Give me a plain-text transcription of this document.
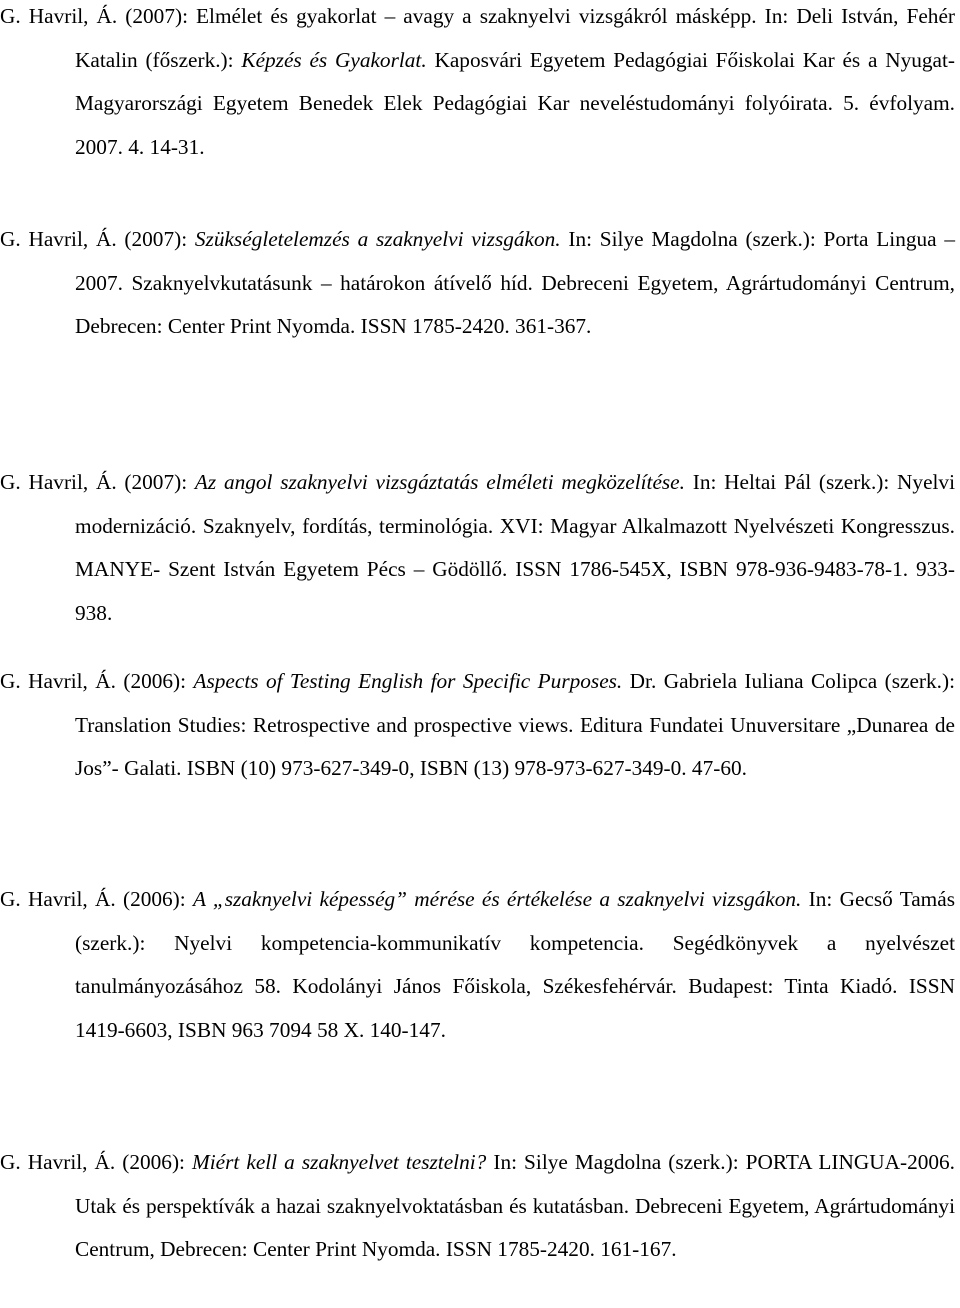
G. Havril, Á. (2007): Elmélet és gyakorlat – avagy a szaknyelvi vizsgákról másképp. In: Deli István, Fehér Katalin (főszerk.): Képzés és Gyakorlat. Kaposvári Egyetem Pedagógiai Főiskolai Kar és a Nyugat-Magyarországi Egyetem Benedek Elek Pedagógiai Kar neveléstudományi folyóirata. 5. évfolyam. 2007. 4. 14-31.

G. Havril, Á. (2007): Szükségletelemzés a szaknyelvi vizsgákon. In: Silye Magdolna (szerk.): Porta Lingua – 2007. Szaknyelvkutatásunk – határokon átívelő híd. Debreceni Egyetem, Agrártudományi Centrum, Debrecen: Center Print Nyomda. ISSN 1785-2420. 361-367.

G. Havril, Á. (2007): Az angol szaknyelvi vizsgáztatás elméleti megközelítése. In: Heltai Pál (szerk.): Nyelvi modernizáció. Szaknyelv, fordítás, terminológia. XVI: Magyar Alkalmazott Nyelvészeti Kongresszus. MANYE- Szent István Egyetem Pécs – Gödöllő. ISSN 1786-545X, ISBN 978-936-9483-78-1. 933-938.

G. Havril, Á. (2006): Aspects of Testing English for Specific Purposes. Dr. Gabriela Iuliana Colipca (szerk.): Translation Studies: Retrospective and prospective views. Editura Fundatei Unuversitare „Dunarea de Jos”- Galati. ISBN (10) 973-627-349-0, ISBN (13) 978-973-627-349-0. 47-60.

G. Havril, Á. (2006): A „szaknyelvi képesség” mérése és értékelése a szaknyelvi vizsgákon. In: Gecső Tamás (szerk.): Nyelvi kompetencia-kommunikatív kompetencia. Segédkönyvek a nyelvészet tanulmányozásához 58. Kodolányi János Főiskola, Székesfehérvár. Budapest: Tinta Kiadó. ISSN 1419-6603, ISBN 963 7094 58 X. 140-147.

G. Havril, Á. (2006): Miért kell a szaknyelvet tesztelni? In: Silye Magdolna (szerk.): PORTA LINGUA-2006. Utak és perspektívák a hazai szaknyelvoktatásban és kutatásban. Debreceni Egyetem, Agrártudományi Centrum, Debrecen: Center Print Nyomda. ISSN 1785-2420. 161-167.
